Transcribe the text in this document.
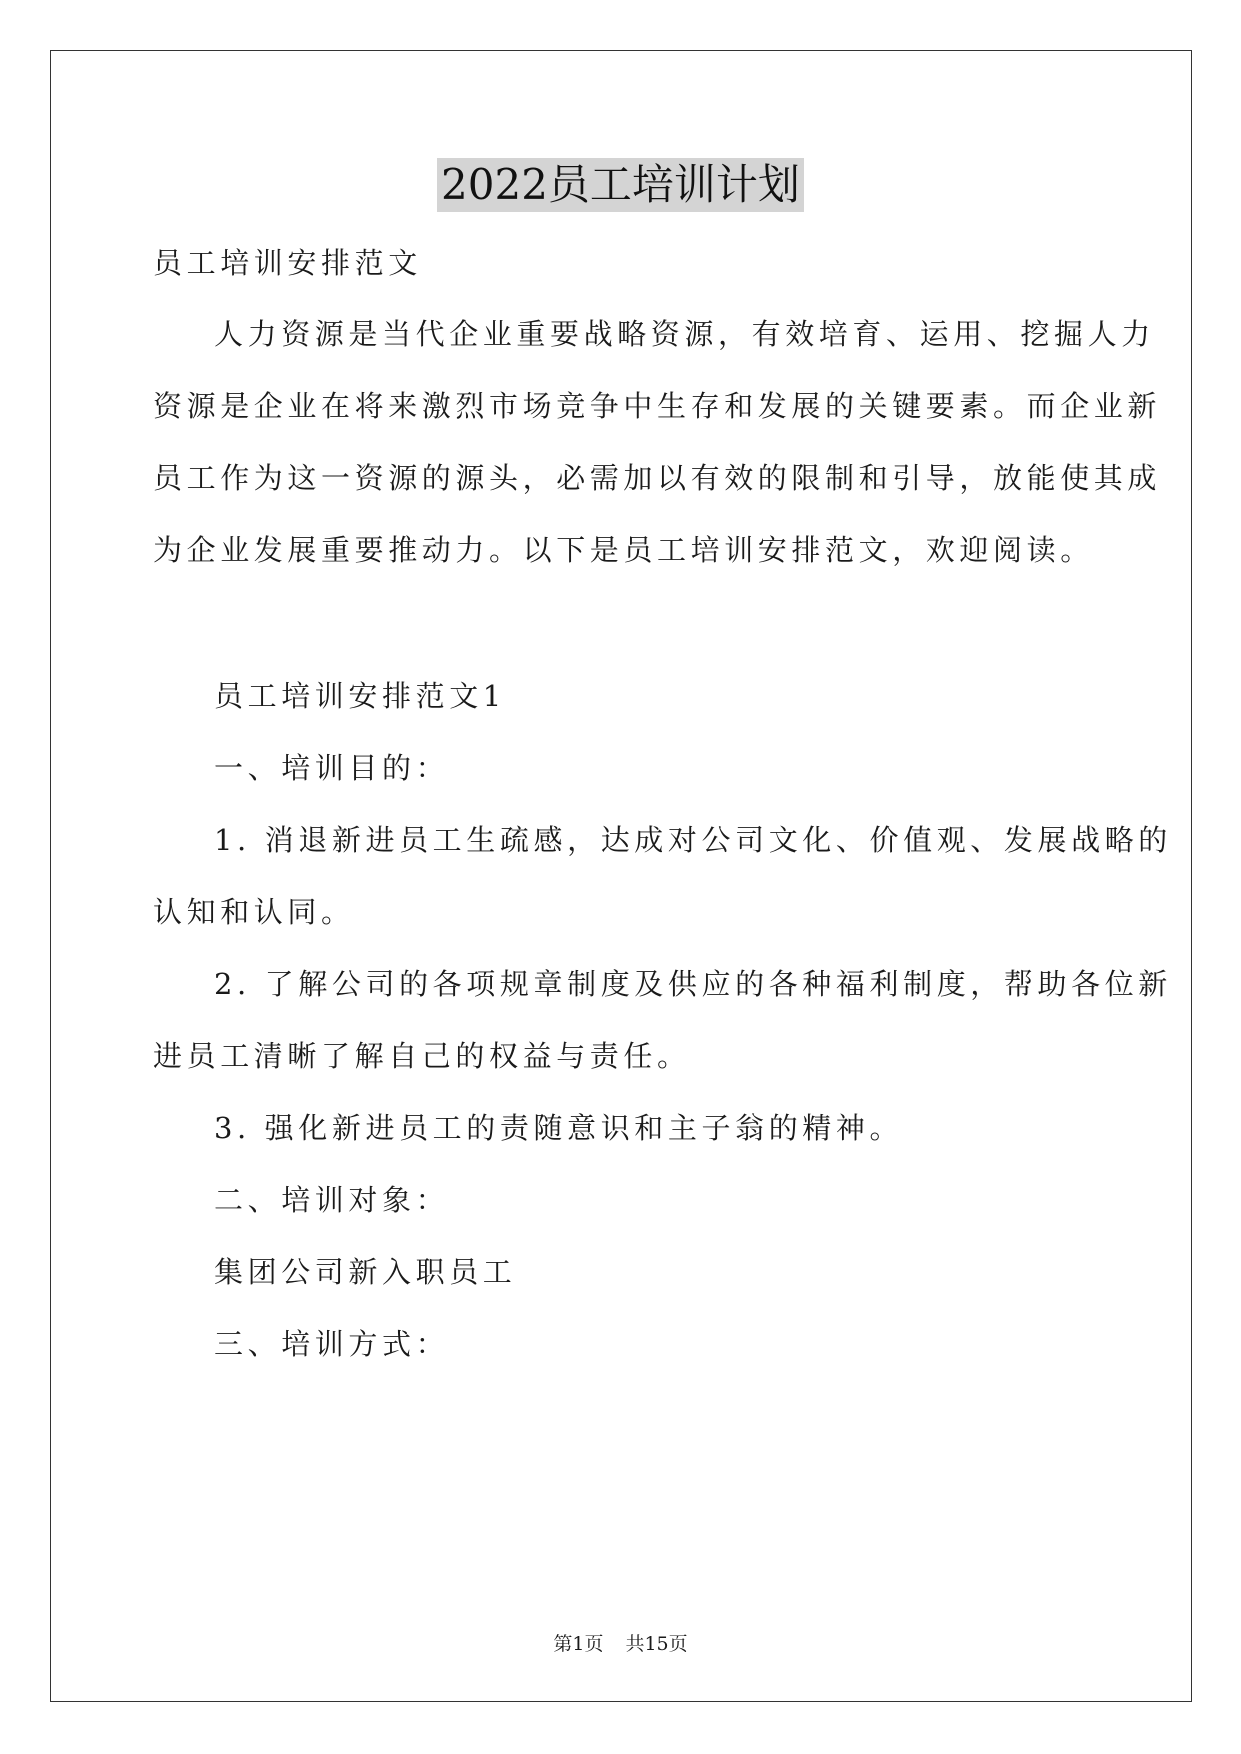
2022员工培训计划
员工培训安排范文
人力资源是当代企业重要战略资源，有效培育、运用、挖掘人力
资源是企业在将来激烈市场竞争中生存和发展的关键要素。而企业新
员工作为这一资源的源头，必需加以有效的限制和引导，放能使其成
为企业发展重要推动力。以下是员工培训安排范文，欢迎阅读。
员工培训安排范文1
一、培训目的：
1. 消退新进员工生疏感，达成对公司文化、价值观、发展战略的
认知和认同。
2. 了解公司的各项规章制度及供应的各种福利制度，帮助各位新
进员工清晰了解自己的权益与责任。
3. 强化新进员工的责随意识和主子翁的精神。
二、培训对象：
集团公司新入职员工
三、培训方式：
第1页 共15页
